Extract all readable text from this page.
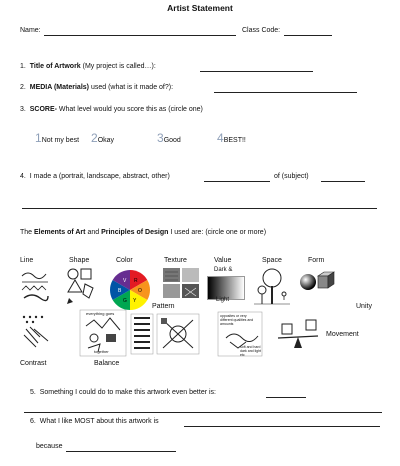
Artist Statement
Name:	Class Code:
1. Title of Artwork (My project is called…):
2. MEDIA (Materials) used (what is it made of?):
3. SCORE- What level would you score this as (circle one)
1Not my best 2Okay	3Good	4BEST!!
4. I made a (portrait, landscape, abstract, other)	of (subject)
The Elements of Art and Principles of Design I used are: (circle one or more)
Line	Shape	Color	Texture	Value	Space	Form
R
O
Y
G
B
V
Pattern
Dark &
Light
Unity
everything goes
together
opposites or very different qualities and amounts
soft and hard dark and light etc
Movement
Contrast	Balance
5. Something I could do to make this artwork even better is:
6. What I like MOST about this artwork is
because
